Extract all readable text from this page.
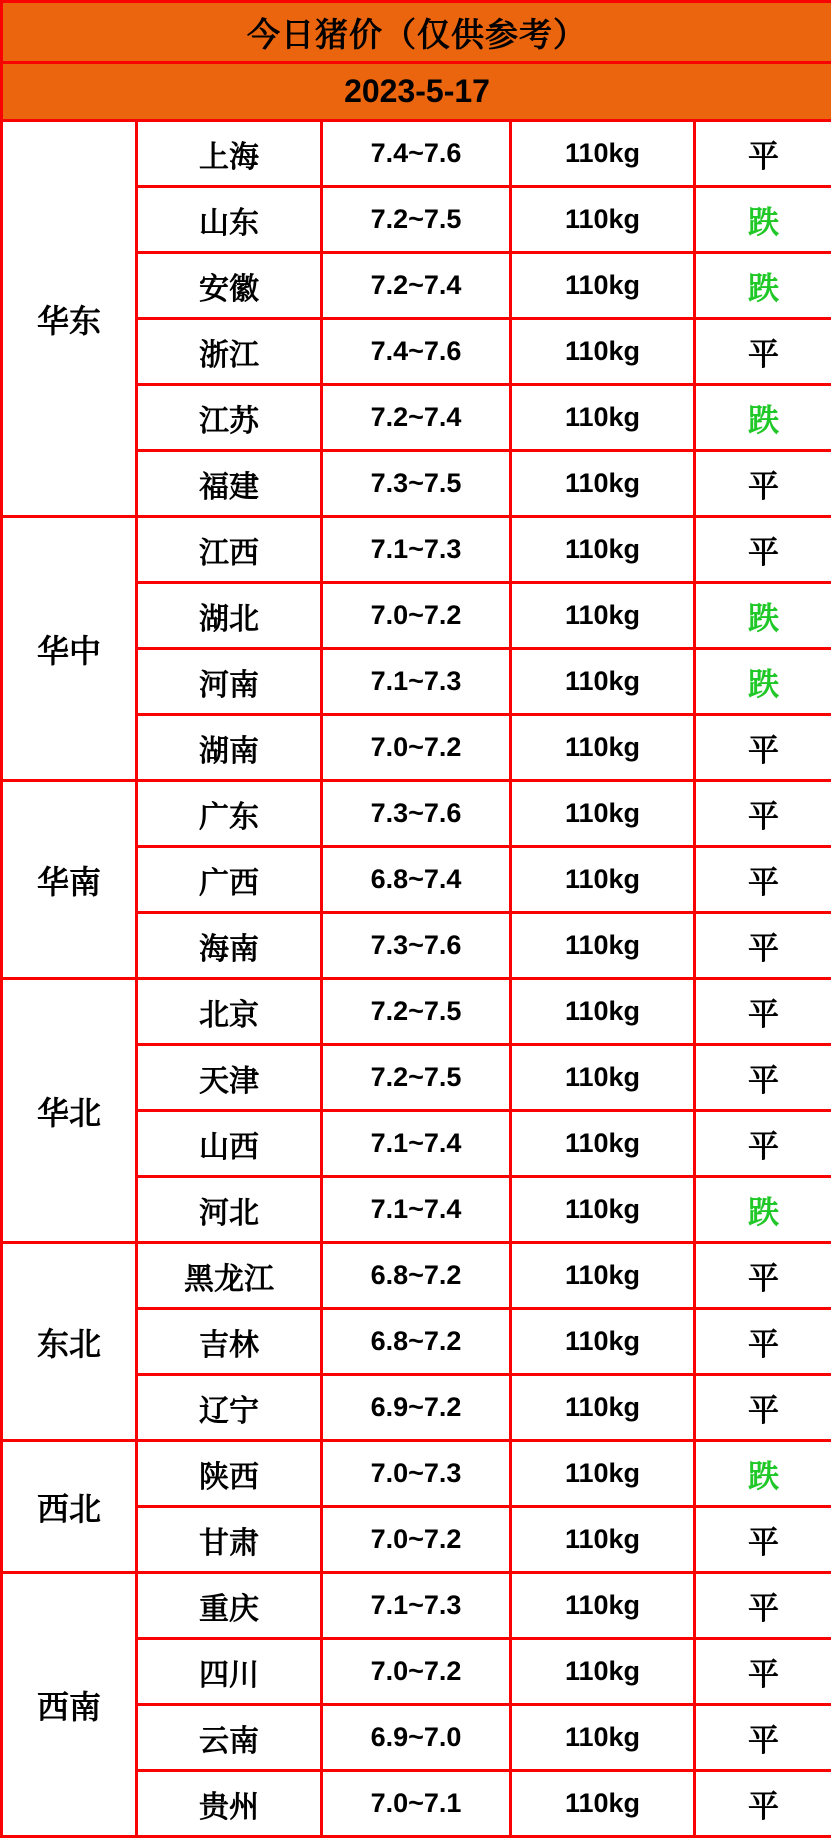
今日猪价（仅供参考）				
2023-5-17				
华东	上海	7.4~7.6	110kg	平
	山东	7.2~7.5	110kg	跌
	安徽	7.2~7.4	110kg	跌
	浙江	7.4~7.6	110kg	平
	江苏	7.2~7.4	110kg	跌
	福建	7.3~7.5	110kg	平
华中	江西	7.1~7.3	110kg	平
	湖北	7.0~7.2	110kg	跌
	河南	7.1~7.3	110kg	跌
	湖南	7.0~7.2	110kg	平
华南	广东	7.3~7.6	110kg	平
	广西	6.8~7.4	110kg	平
	海南	7.3~7.6	110kg	平
华北	北京	7.2~7.5	110kg	平
	天津	7.2~7.5	110kg	平
	山西	7.1~7.4	110kg	平
	河北	7.1~7.4	110kg	跌
东北	黑龙江	6.8~7.2	110kg	平
	吉林	6.8~7.2	110kg	平
	辽宁	6.9~7.2	110kg	平
西北	陕西	7.0~7.3	110kg	跌
	甘肃	7.0~7.2	110kg	平
西南	重庆	7.1~7.3	110kg	平
	四川	7.0~7.2	110kg	平
	云南	6.9~7.0	110kg	平
	贵州	7.0~7.1	110kg	平
